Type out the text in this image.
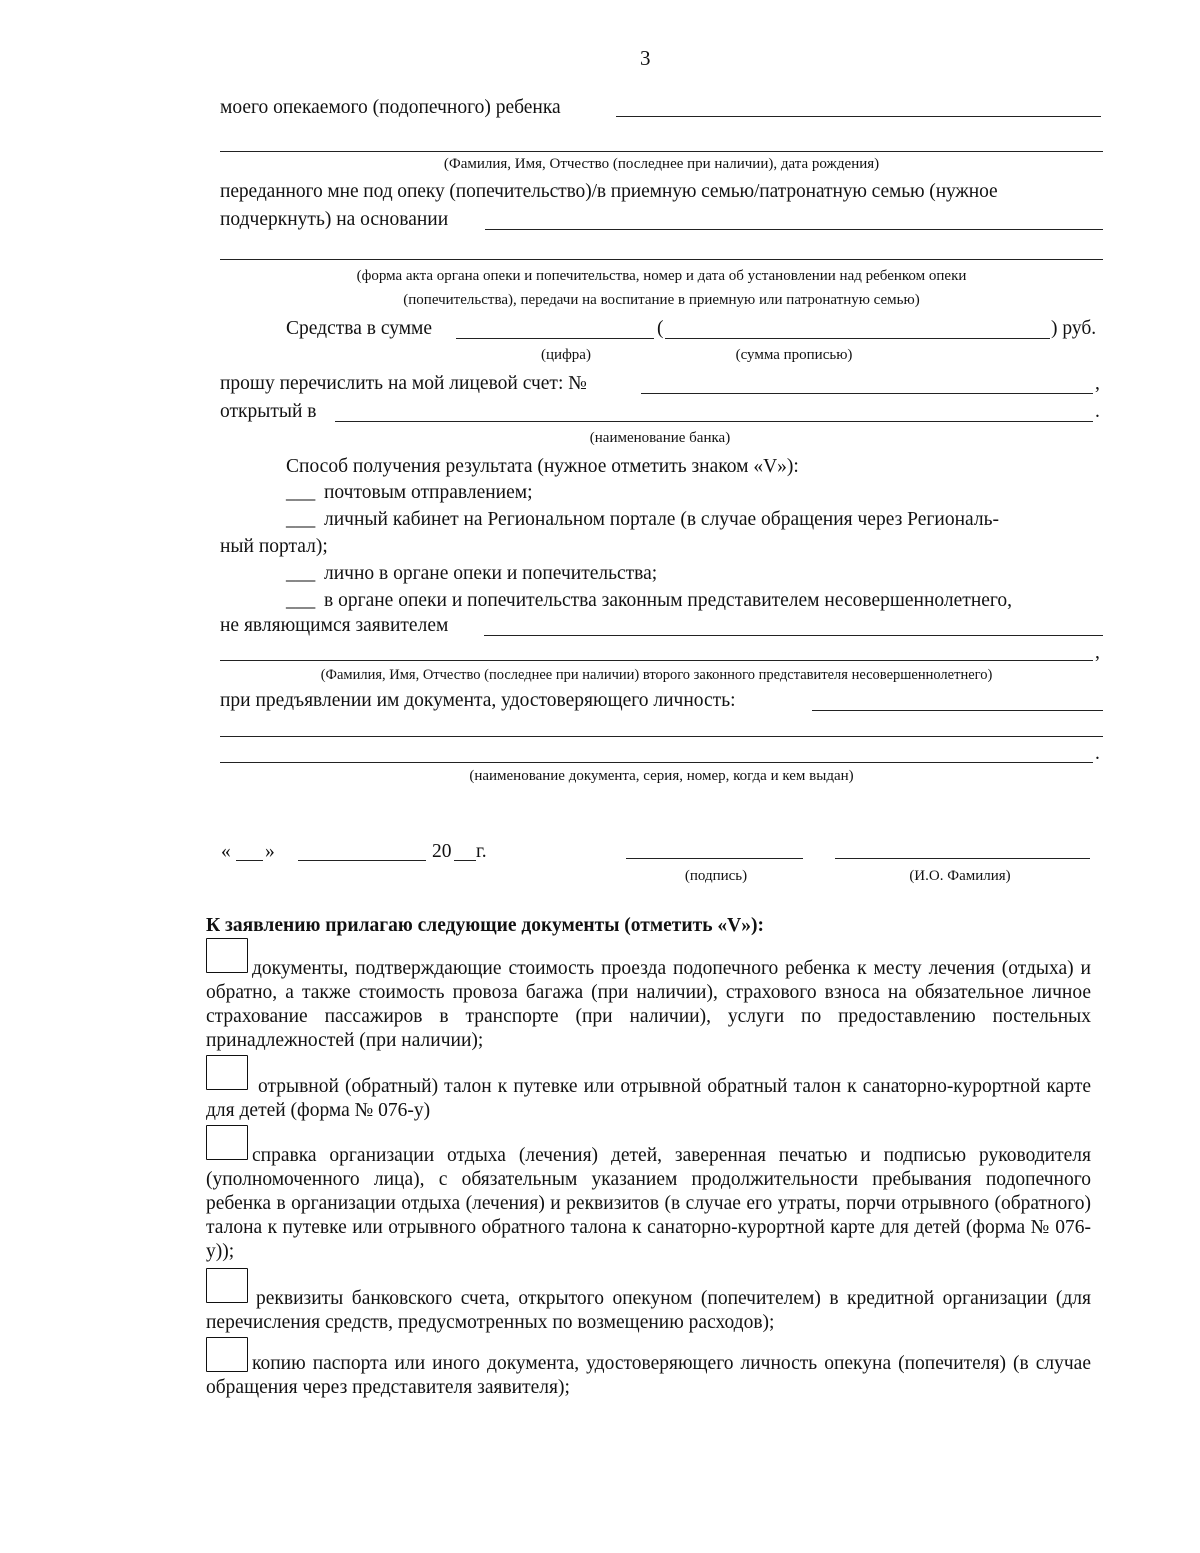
3
моего опекаемого (подопечного) ребенка
(Фамилия, Имя, Отчество (последнее при наличии), дата рождения)
переданного мне под опеку (попечительство)/в приемную семью/патронатную семью (нужное
подчеркнуть) на основании
(форма акта органа опеки и попечительства, номер и дата об установлении над ребенком опеки
(попечительства), передачи на воспитание в приемную или патронатную семью)
Средства в сумме	(	) руб.
(цифра)	(сумма прописью)
прошу перечислить на мой лицевой счет: №	,
открытый в	.
(наименование банка)
Способ получения результата (нужное отметить знаком «V»):
___ почтовым отправлением;
___ личный кабинет на Региональном портале (в случае обращения через Региональ-
ный портал);
___ лично в органе опеки и попечительства;
___ в органе опеки и попечительства законным представителем несовершеннолетнего,
не являющимся заявителем
,
(Фамилия, Имя, Отчество (последнее при наличии) второго законного представителя несовершеннолетнего)
при предъявлении им документа, удостоверяющего личность:
.
(наименование документа, серия, номер, когда и кем выдан)
« »	20 г.
(подпись)	(И.О. Фамилия)
К заявлению прилагаю следующие документы (отметить «V»):

документы, подтверждающие стоимость проезда подопечного ребенка к месту лечения (отдыха) и обратно, а также стоимость провоза багажа (при наличии), страхового взноса на обязательное личное страхование пассажиров в транспорте (при наличии), услуги по предоставлению постельных принадлежностей (при наличии);

отрывной (обратный) талон к путевке или отрывной обратный талон к санаторно-курортной карте для детей (форма № 076-у)

справка организации отдыха (лечения) детей, заверенная печатью и подписью руководителя (уполномоченного лица), с обязательным указанием продолжительности пребывания подопечного ребенка в организации отдыха (лечения) и реквизитов (в случае его утраты, порчи отрывного (обратного) талона к путевке или отрывного обратного талона к санаторно-курортной карте для детей (форма № 076-у));

реквизиты банковского счета, открытого опекуном (попечителем) в кредитной организации (для перечисления средств, предусмотренных по возмещению расходов);

копию паспорта или иного документа, удостоверяющего личность опекуна (попечителя) (в случае обращения через представителя заявителя);
